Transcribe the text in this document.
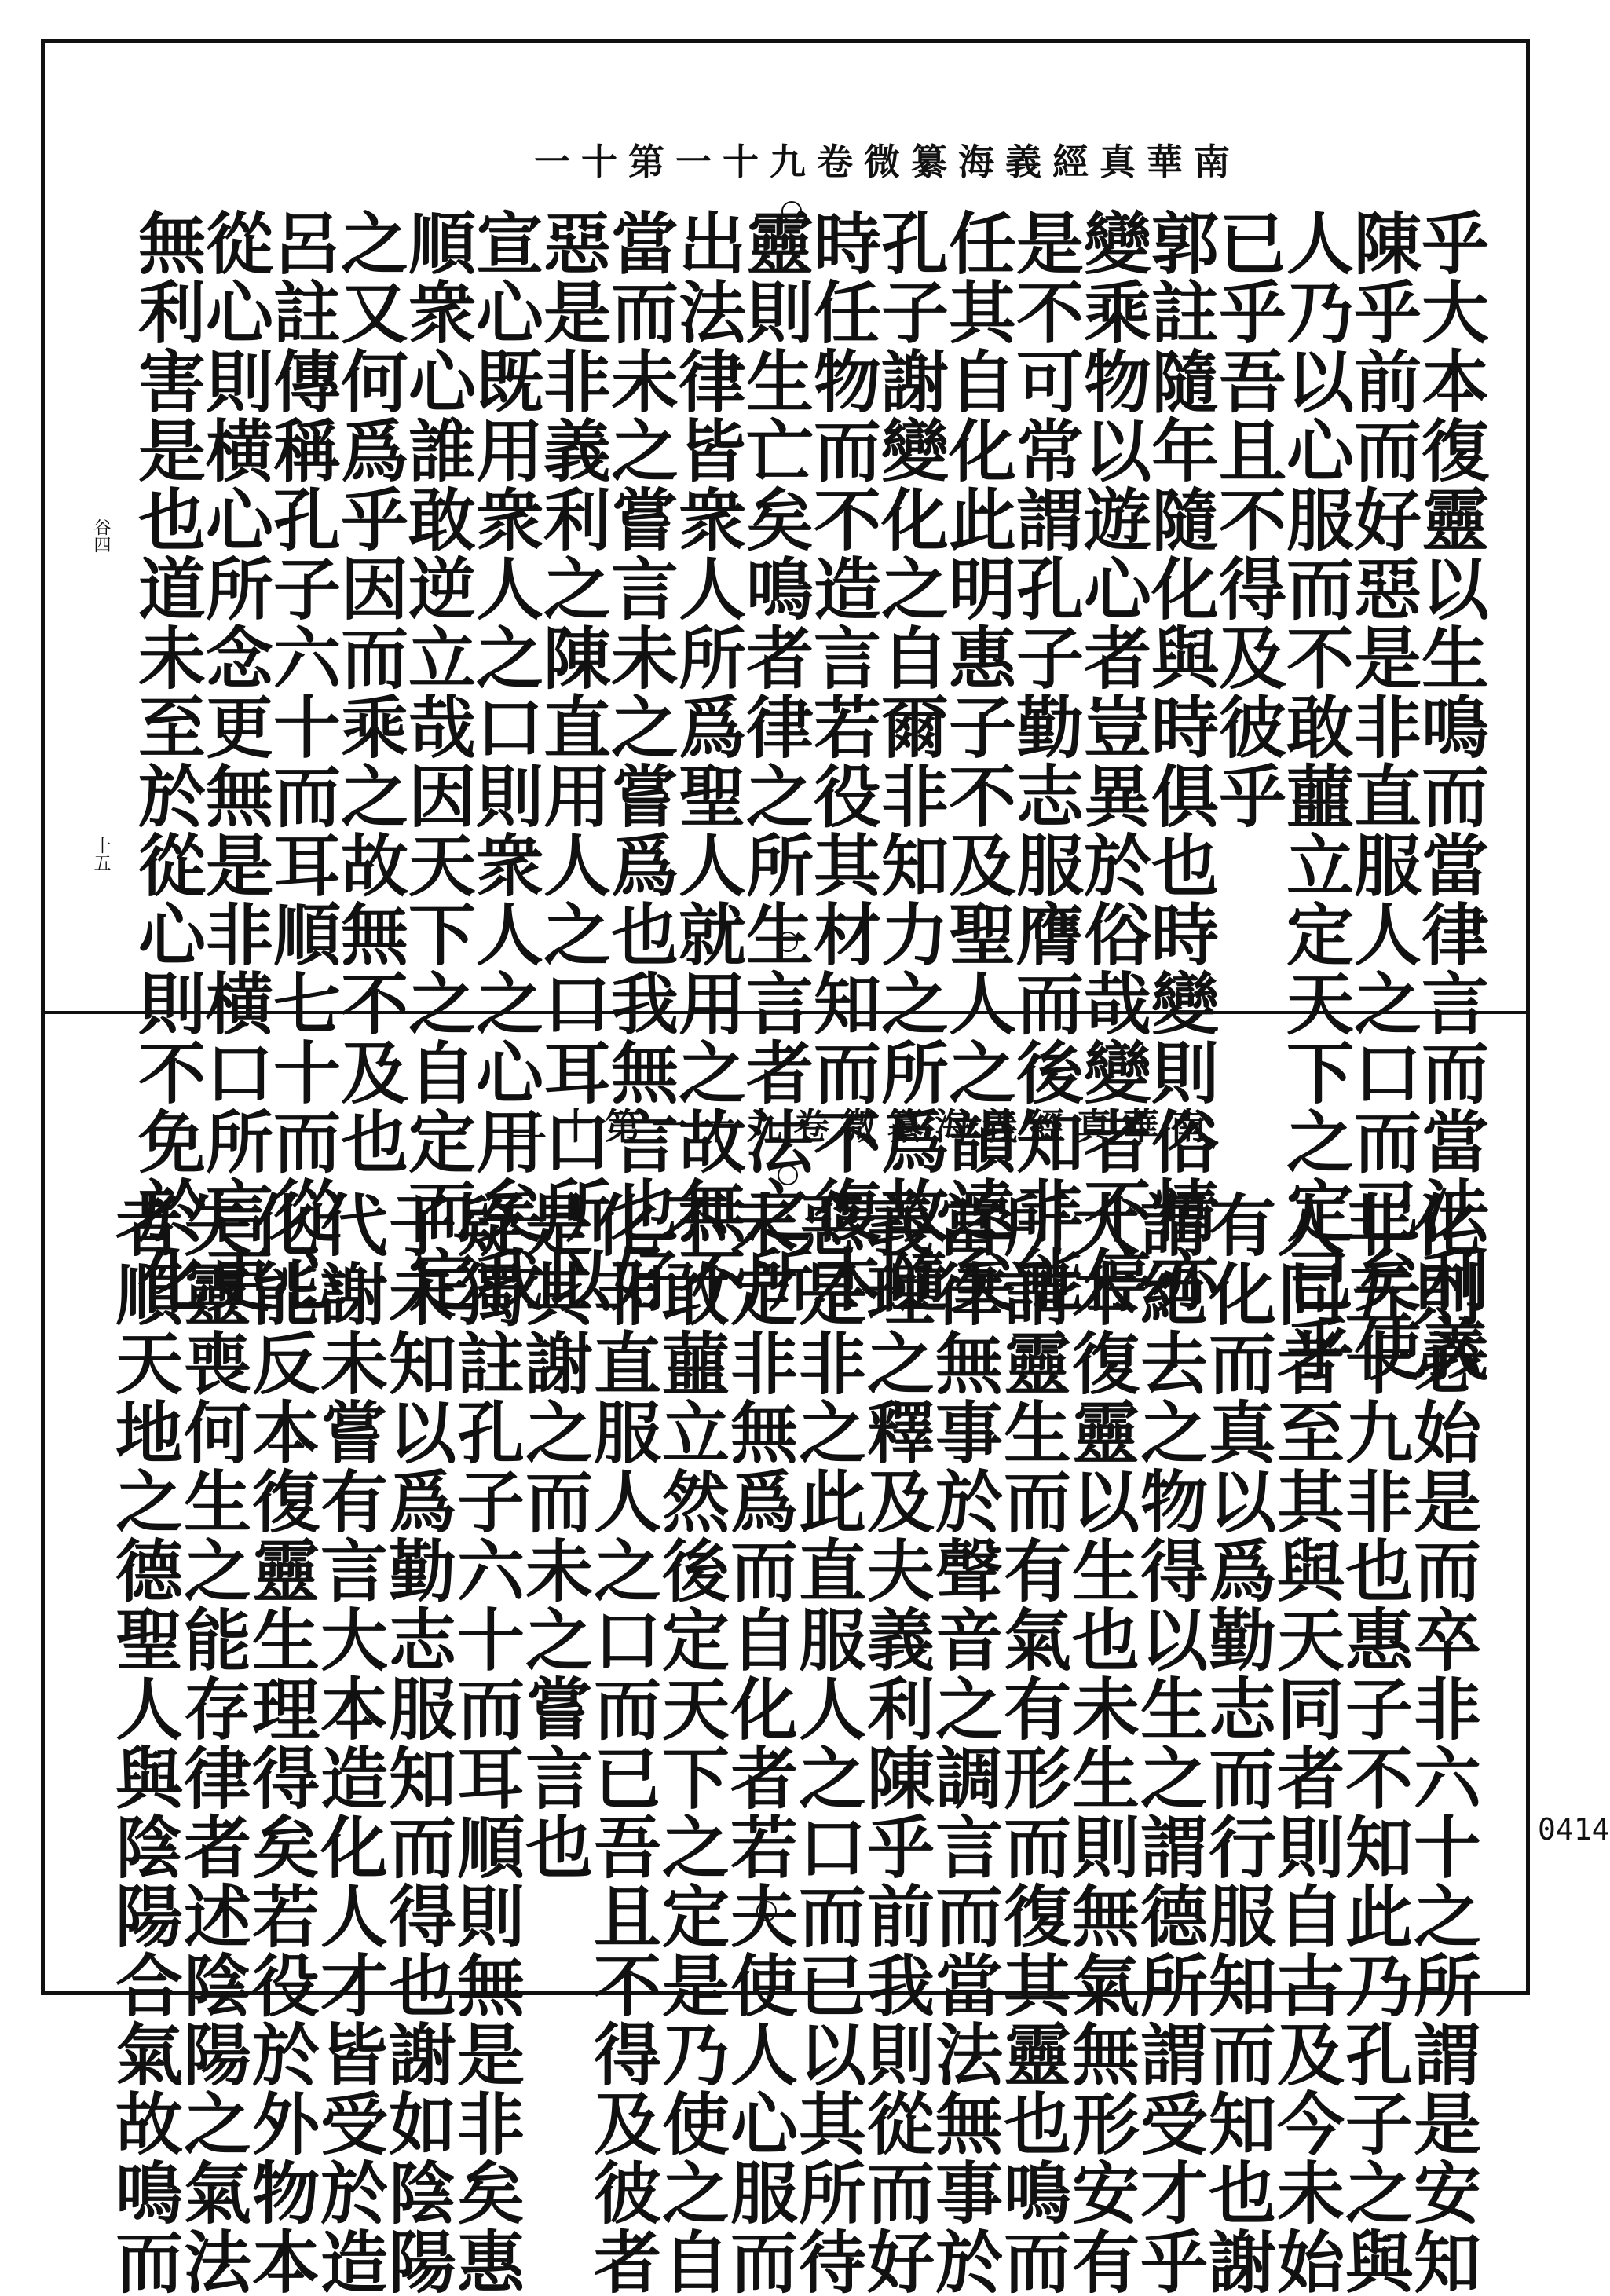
乎大本復靈以生鳴而當律言而當法利義
陳乎前而好惡是非直服人之口而已矣使
人乃以心服而不敢蘁立定天下之定已乎
已乎吾且不得及彼乎
郭註隨年隨化與時俱也時變則俗情亦
變乘物以遊心者豈異於俗哉變者不停
是不可常謂孔子勤志服膺而後知非能
任其自化此明惠子不及聖人之韻遠矣
孔子謝變化之自爾非知力之所爲故隨
時任物而不造言若役其材知而不復本
靈則生亡矣鳴者律之所生言者法之所
出法律皆衆人所爲聖人就用之故無不
當而未之嘗言未之嘗爲也我無言也好
惡是非義利之陳直用人之口耳口所以
宣心既用衆人之口則衆人之心用矣我
順衆心誰敢逆立哉因天下之自定而定
之又何爲乎因而乘之故無不及也
呂註傳稱孔子六十而耳順七十而從心
從心則横心所念更無是非横口所言更
無利害是也道未至於從心則不免於化
一十第一十九卷微纂海義經真華南
谷四
十五
化則必始是而卒非六十之所謂是安知
非五十九非也惠子不知此乃孔子之與
人同者至其與天同者則自古及今未始
有化而真以爲勤志而行服知而知也謝
謂絶去之物得以生之謂德所謂受才乎
大本復靈以生也未生則無氣無形安有
所謂靈生而有氣有形而復其靈也鳴而
當律無事於聲音之調言而當法無事於
義理之釋及夫義利陳乎前我則從而好
惡是非之此直服人之口而已以其所待
未定非無爲而自化者若夫使人心服而
不敢蘁立然後定天下之定是乃使之自
化非直服人之口而已吾且不得及彼者
是其謝之而未之嘗言也
疑獨註孔子六十而耳順則無是非矣惠
子未知以爲勤志服知而得也謝如陰陽
代謝未嘗有言大本造化人才皆受於造
化能反本復靈生理得矣若役於外物本
失靈喪何生之能存律者述陰陽之氣法
者順天地之德聖人與陰陽合氣故鳴而
二十第一十九卷微纂海義經真華南
0414
